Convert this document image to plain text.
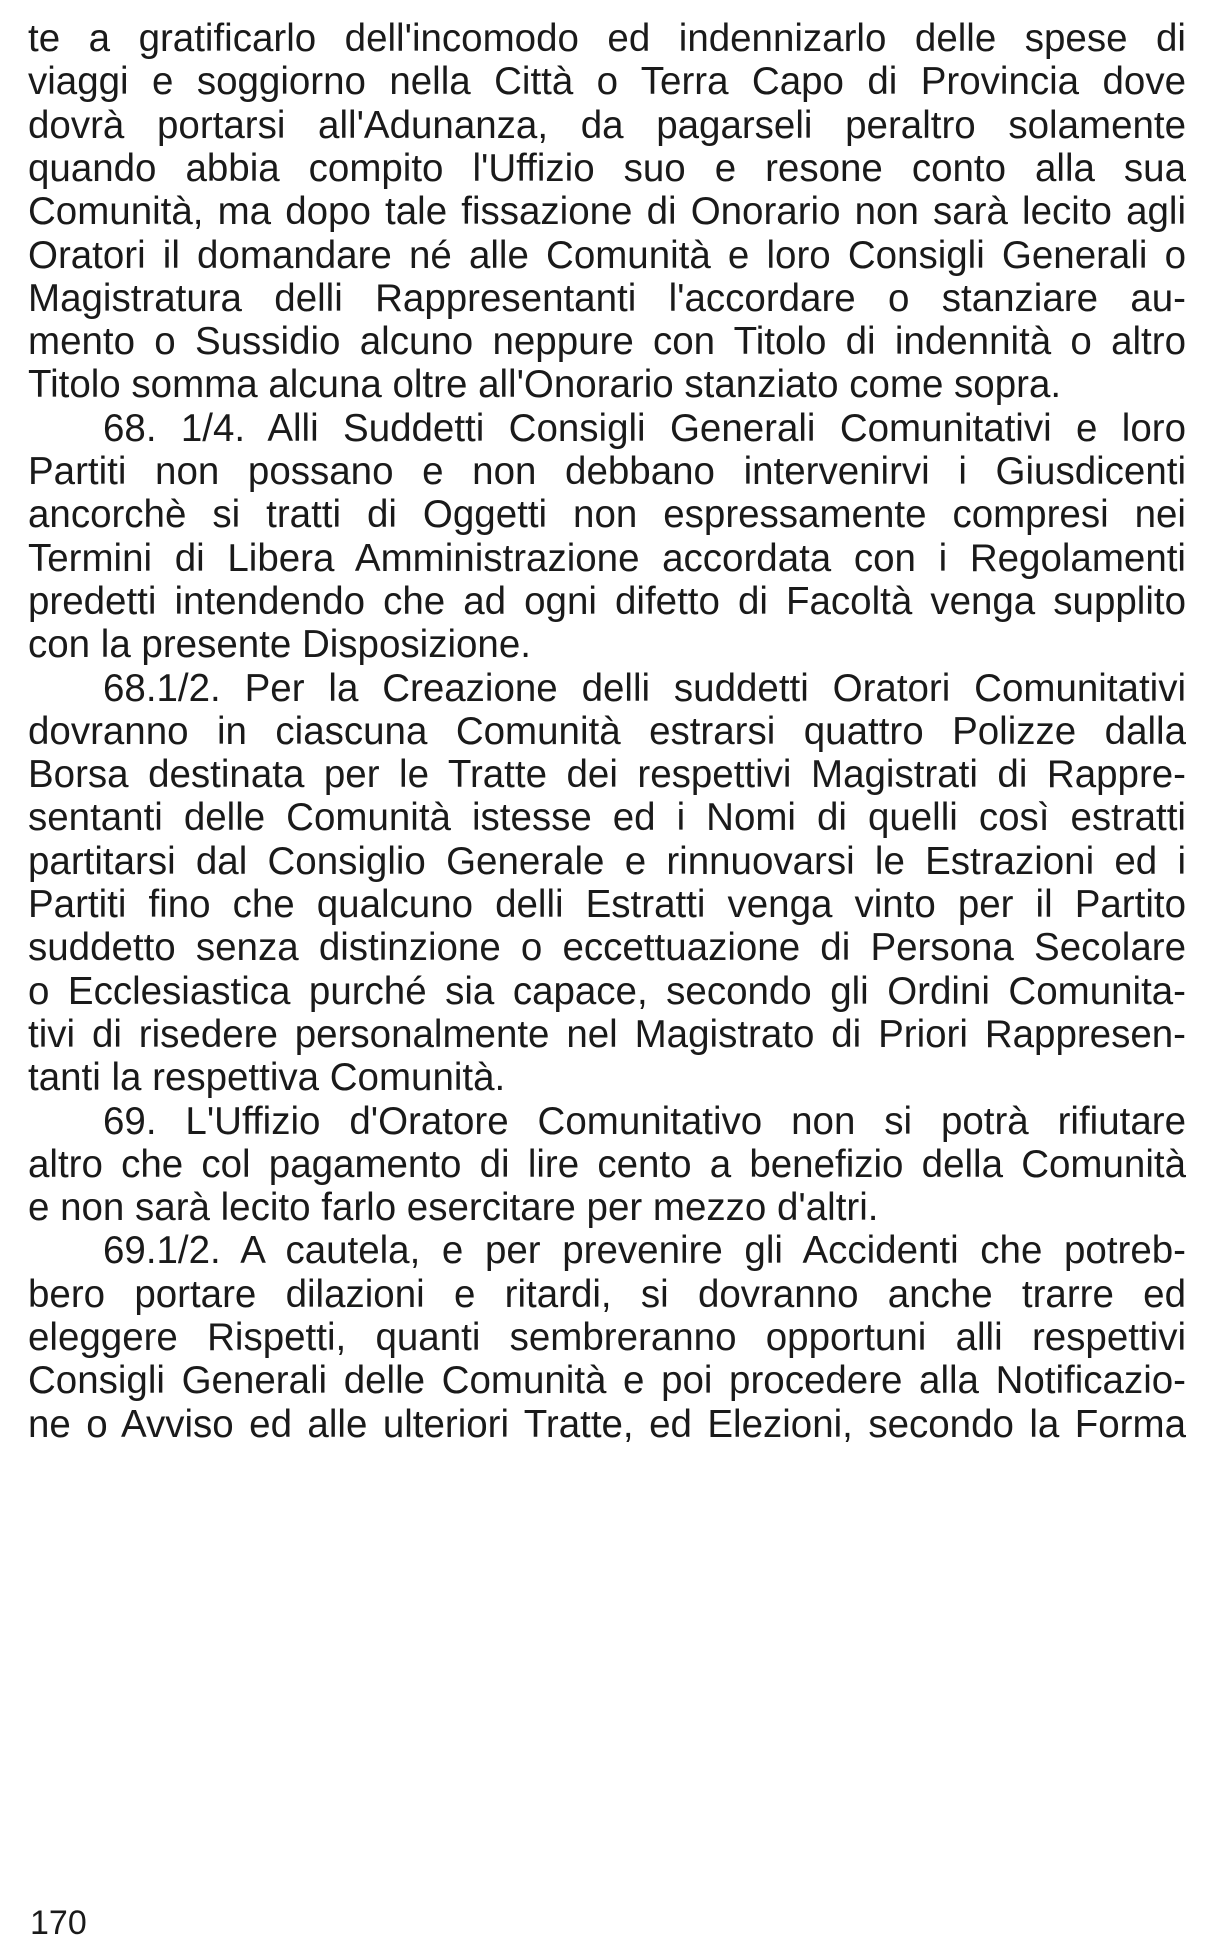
te a gratificarlo dell'incomodo ed indennizarlo delle spese di
viaggi e soggiorno nella Città o Terra Capo di Provincia dove
dovrà portarsi all'Adunanza, da pagarseli peraltro solamente
quando abbia compito l'Uffizio suo e resone conto alla sua
Comunità, ma dopo tale fissazione di Onorario non sarà lecito agli
Oratori il domandare né alle Comunità e loro Consigli Generali o
Magistratura delli Rappresentanti l'accordare o stanziare au-
mento o Sussidio alcuno neppure con Titolo di indennità o altro
Titolo somma alcuna oltre all'Onorario stanziato come sopra.
68. 1/4. Alli Suddetti Consigli Generali Comunitativi e loro
Partiti non possano e non debbano intervenirvi i Giusdicenti
ancorchè si tratti di Oggetti non espressamente compresi nei
Termini di Libera Amministrazione accordata con i Regolamenti
predetti intendendo che ad ogni difetto di Facoltà venga supplito
con la presente Disposizione.
68.1/2. Per la Creazione delli suddetti Oratori Comunitativi
dovranno in ciascuna Comunità estrarsi quattro Polizze dalla
Borsa destinata per le Tratte dei respettivi Magistrati di Rappre-
sentanti delle Comunità istesse ed i Nomi di quelli così estratti
partitarsi dal Consiglio Generale e rinnuovarsi le Estrazioni ed i
Partiti fino che qualcuno delli Estratti venga vinto per il Partito
suddetto senza distinzione o eccettuazione di Persona Secolare
o Ecclesiastica purché sia capace, secondo gli Ordini Comunita-
tivi di risedere personalmente nel Magistrato di Priori Rappresen-
tanti la respettiva Comunità.
69. L'Uffizio d'Oratore Comunitativo non si potrà rifiutare
altro che col pagamento di lire cento a benefizio della Comunità
e non sarà lecito farlo esercitare per mezzo d'altri.
69.1/2. A cautela, e per prevenire gli Accidenti che potreb-
bero portare dilazioni e ritardi, si dovranno anche trarre ed
eleggere Rispetti, quanti sembreranno opportuni alli respettivi
Consigli Generali delle Comunità e poi procedere alla Notificazio-
ne o Avviso ed alle ulteriori Tratte, ed Elezioni, secondo la Forma
170
